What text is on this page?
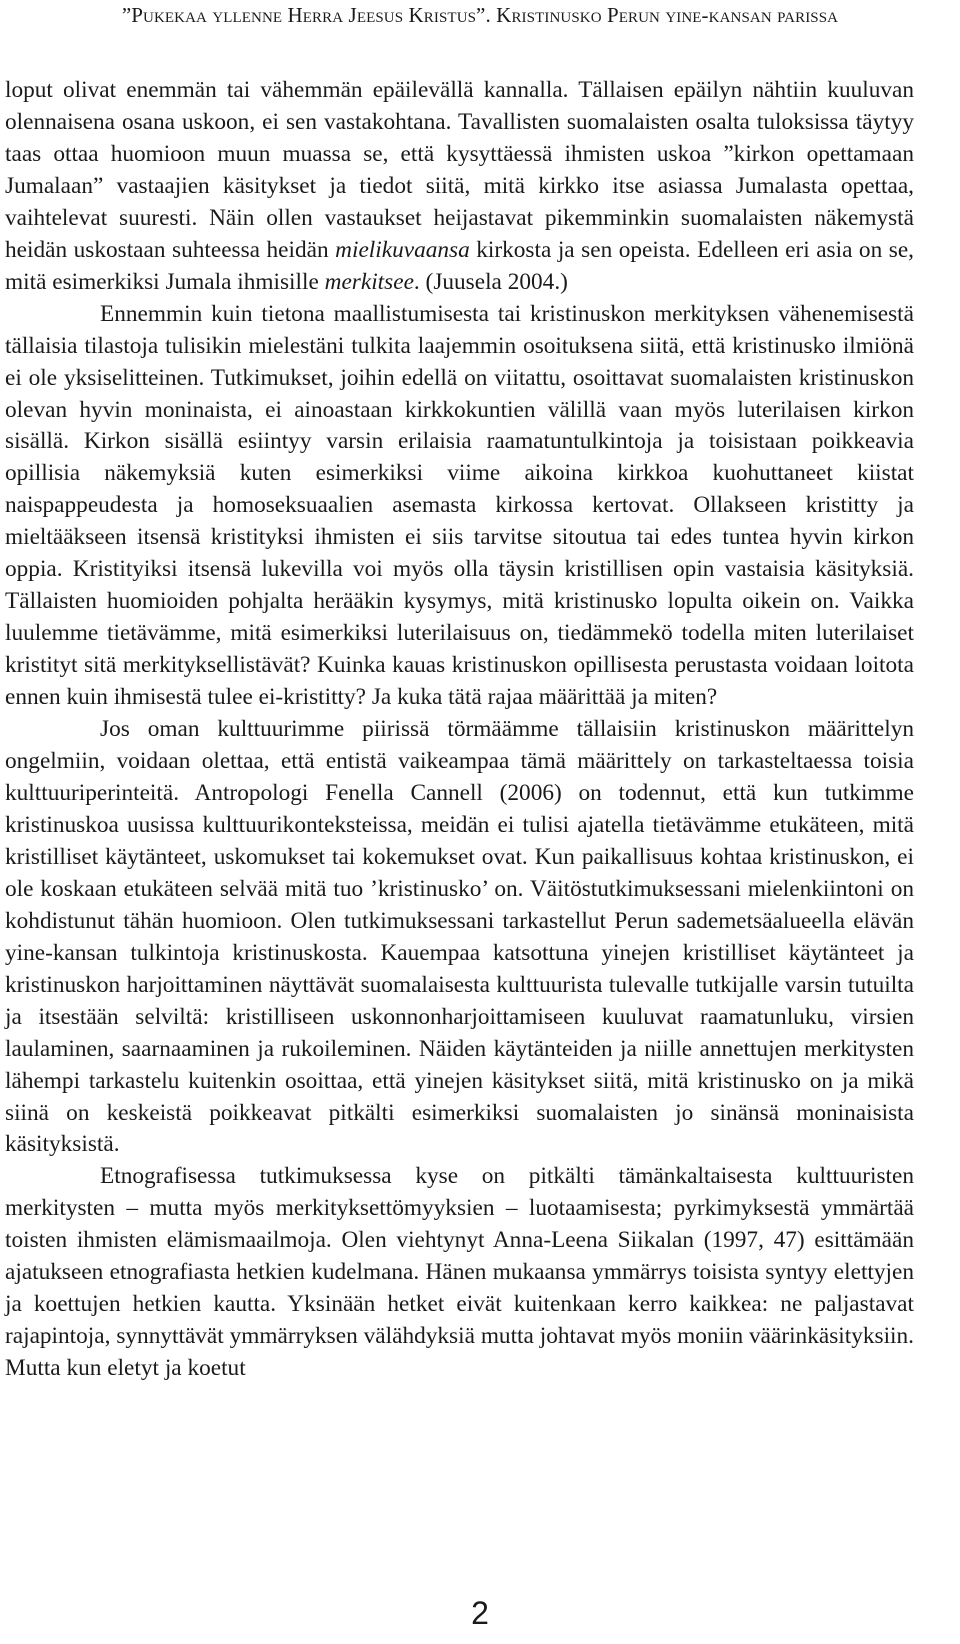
”Pukekaa yllenne Herra Jeesus Kristus”. Kristinusko Perun yine-kansan parissa

loput olivat enemmän tai vähemmän epäilevällä kannalla. Tällaisen epäilyn nähtiin kuuluvan olennaisena osana uskoon, ei sen vastakohtana. Tavallisten suomalaisten osalta tuloksissa täytyy taas ottaa huomioon muun muassa se, että kysyttäessä ihmisten uskoa ”kirkon opettamaan Jumalaan” vastaajien käsitykset ja tiedot siitä, mitä kirkko itse asiassa Jumalasta opettaa, vaihtelevat suuresti. Näin ollen vastaukset heijastavat pikemminkin suomalaisten näkemystä heidän uskostaan suhteessa heidän mielikuvaansa kirkosta ja sen opeista. Edelleen eri asia on se, mitä esimerkiksi Jumala ihmisille merkitsee. (Juusela 2004.)

Ennemmin kuin tietona maallistumisesta tai kristinuskon merkityksen vähenemisestä tällaisia tilastoja tulisikin mielestäni tulkita laajemmin osoituksena siitä, että kristinusko ilmiönä ei ole yksiselitteinen. Tutkimukset, joihin edellä on viitattu, osoittavat suomalaisten kristinuskon olevan hyvin moninaista, ei ainoastaan kirkkokuntien välillä vaan myös luterilaisen kirkon sisällä. Kirkon sisällä esiintyy varsin erilaisia raamatuntulkintoja ja toisistaan poikkeavia opillisia näkemyksiä kuten esimerkiksi viime aikoina kirkkoa kuohuttaneet kiistat naispappeudesta ja homoseksuaalien asemasta kirkossa kertovat. Ollakseen kristitty ja mieltääkseen itsensä kristityksi ihmisten ei siis tarvitse sitoutua tai edes tuntea hyvin kirkon oppia. Kristityiksi itsensä lukevilla voi myös olla täysin kristillisen opin vastaisia käsityksiä. Tällaisten huomioiden pohjalta herääkin kysymys, mitä kristinusko lopulta oikein on. Vaikka luulemme tietävämme, mitä esimerkiksi luterilaisuus on, tiedämmekö todella miten luterilaiset kristityt sitä merkityksellistävät? Kuinka kauas kristinuskon opillisesta perustasta voidaan loitota ennen kuin ihmisestä tulee ei-kristitty? Ja kuka tätä rajaa määrittää ja miten?

Jos oman kulttuurimme piirissä törmäämme tällaisiin kristinuskon määrittelyn ongelmiin, voidaan olettaa, että entistä vaikeampaa tämä määrittely on tarkasteltaessa toisia kulttuuriperinteitä. Antropologi Fenella Cannell (2006) on todennut, että kun tutkimme kristinuskoa uusissa kulttuurikonteksteissa, meidän ei tulisi ajatella tietävämme etukäteen, mitä kristilliset käytänteet, uskomukset tai kokemukset ovat. Kun paikallisuus kohtaa kristinuskon, ei ole koskaan etukäteen selvää mitä tuo ’kristinusko’ on. Väitöstutkimuksessani mielenkiintoni on kohdistunut tähän huomioon. Olen tutkimuksessani tarkastellut Perun sademetsäalueella elävän yine-kansan tulkintoja kristinuskosta. Kauempaa katsottuna yinejen kristilliset käytänteet ja kristinuskon harjoittaminen näyttävät suomalaisesta kulttuurista tulevalle tutkijalle varsin tutuilta ja itsestään selviltä: kristilliseen uskonnonharjoittamiseen kuuluvat raamatunluku, virsien laulaminen, saarnaaminen ja rukoileminen. Näiden käytänteiden ja niille annettujen merkitysten lähempi tarkastelu kuitenkin osoittaa, että yinejen käsitykset siitä, mitä kristinusko on ja mikä siinä on keskeistä poikkeavat pitkälti esimerkiksi suomalaisten jo sinänsä moninaisista käsityksistä.

Etnografisessa tutkimuksessa kyse on pitkälti tämänkaltaisesta kulttuuristen merkitysten – mutta myös merkityksettömyyksien – luotaamisesta; pyrkimyksestä ymmärtää toisten ihmisten elämismaailmoja. Olen viehtynyt Anna-Leena Siikalan (1997, 47) esittämään ajatukseen etnografiasta hetkien kudelmana. Hänen mukaansa ymmärrys toisista syntyy elettyjen ja koettujen hetkien kautta. Yksinään hetket eivät kuitenkaan kerro kaikkea: ne paljastavat rajapintoja, synnyttävät ymmärryksen välähdyksiä mutta johtavat myös moniin väärinkäsityksiin. Mutta kun eletyt ja koetut

2
